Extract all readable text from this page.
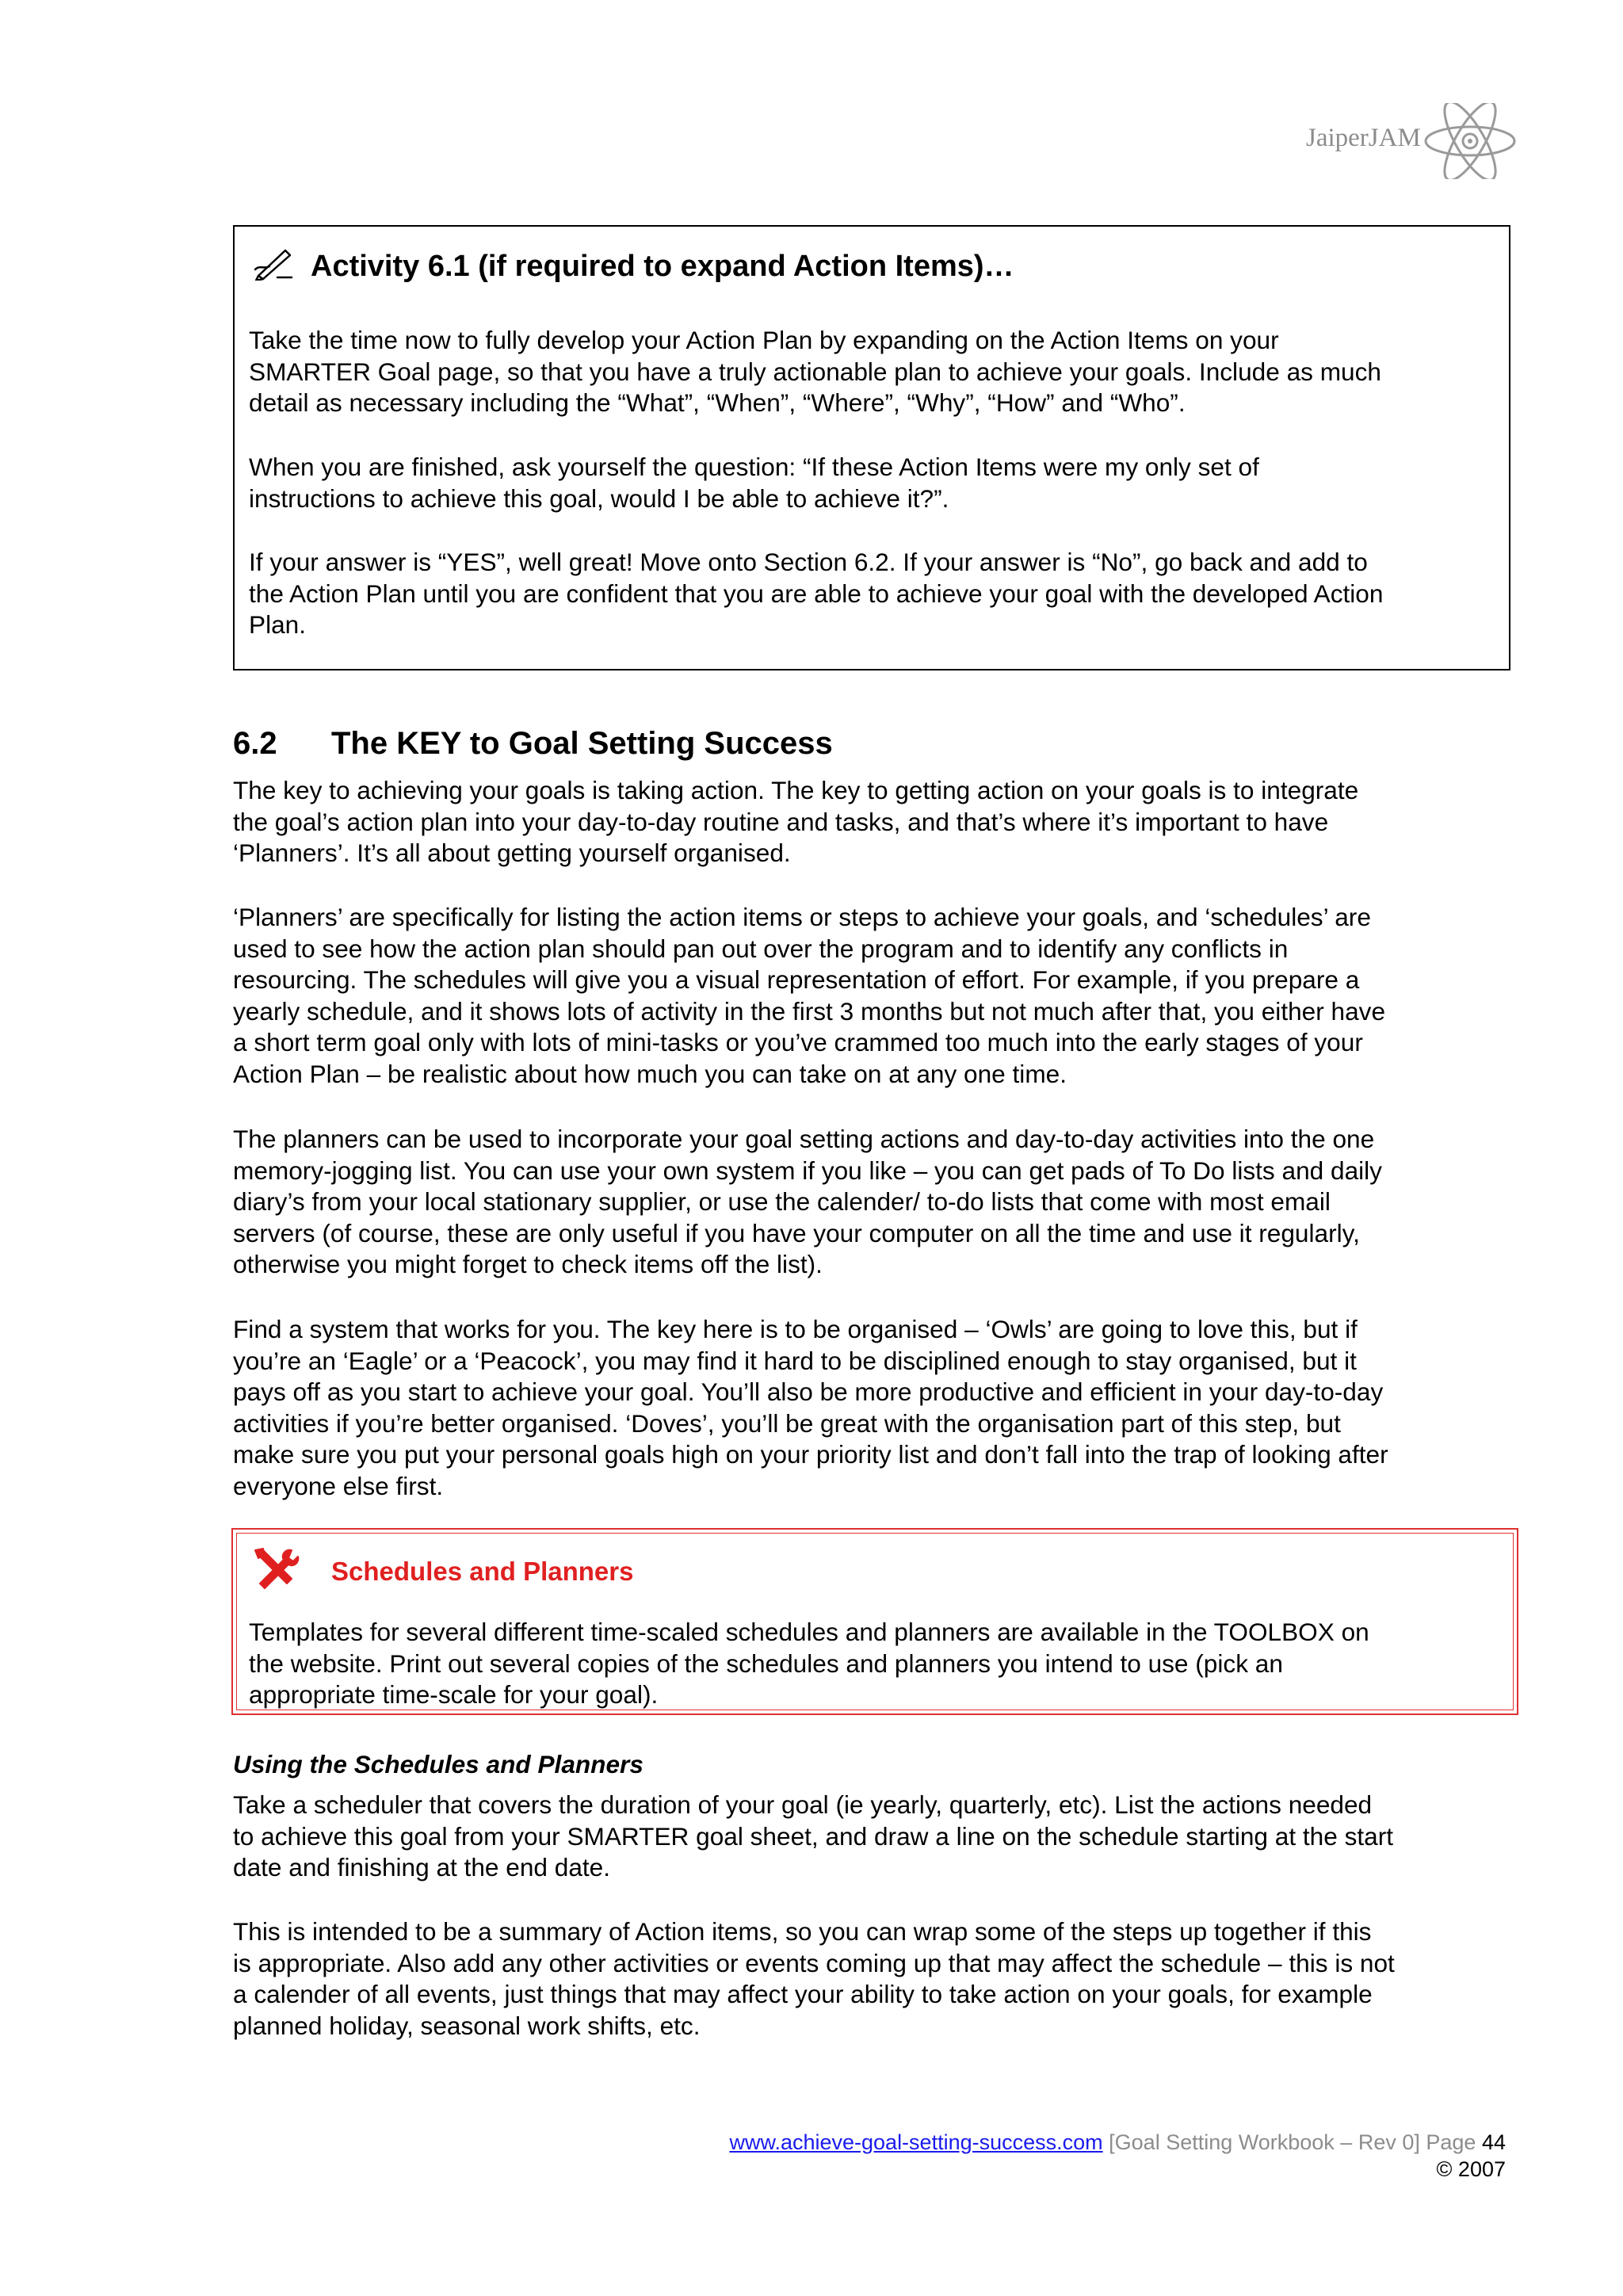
JaiperJAM
Activity 6.1 (if required to expand Action Items)…

Take the time now to fully develop your Action Plan by expanding on the Action Items on your
SMARTER Goal page, so that you have a truly actionable plan to achieve your goals. Include as much
detail as necessary including the “What”, “When”, “Where”, “Why”, “How” and “Who”.

When you are finished, ask yourself the question: “If these Action Items were my only set of
instructions to achieve this goal, would I be able to achieve it?”.

If your answer is “YES”, well great! Move onto Section 6.2. If your answer is “No”, go back and add to
the Action Plan until you are confident that you are able to achieve your goal with the developed Action
Plan.

6.2 The KEY to Goal Setting Success

The key to achieving your goals is taking action. The key to getting action on your goals is to integrate
the goal’s action plan into your day-to-day routine and tasks, and that’s where it’s important to have
‘Planners’. It’s all about getting yourself organised.

‘Planners’ are specifically for listing the action items or steps to achieve your goals, and ‘schedules’ are
used to see how the action plan should pan out over the program and to identify any conflicts in
resourcing. The schedules will give you a visual representation of effort. For example, if you prepare a
yearly schedule, and it shows lots of activity in the first 3 months but not much after that, you either have
a short term goal only with lots of mini-tasks or you’ve crammed too much into the early stages of your
Action Plan – be realistic about how much you can take on at any one time.

The planners can be used to incorporate your goal setting actions and day-to-day activities into the one
memory-jogging list. You can use your own system if you like – you can get pads of To Do lists and daily
diary’s from your local stationary supplier, or use the calender/ to-do lists that come with most email
servers (of course, these are only useful if you have your computer on all the time and use it regularly,
otherwise you might forget to check items off the list).

Find a system that works for you. The key here is to be organised – ‘Owls’ are going to love this, but if
you’re an ‘Eagle’ or a ‘Peacock’, you may find it hard to be disciplined enough to stay organised, but it
pays off as you start to achieve your goal. You’ll also be more productive and efficient in your day-to-day
activities if you’re better organised. ‘Doves’, you’ll be great with the organisation part of this step, but
make sure you put your personal goals high on your priority list and don’t fall into the trap of looking after
everyone else first.

Schedules and Planners

Templates for several different time-scaled schedules and planners are available in the TOOLBOX on
the website. Print out several copies of the schedules and planners you intend to use (pick an
appropriate time-scale for your goal).

Using the Schedules and Planners

Take a scheduler that covers the duration of your goal (ie yearly, quarterly, etc). List the actions needed
to achieve this goal from your SMARTER goal sheet, and draw a line on the schedule starting at the start
date and finishing at the end date.

This is intended to be a summary of Action items, so you can wrap some of the steps up together if this
is appropriate. Also add any other activities or events coming up that may affect the schedule – this is not
a calender of all events, just things that may affect your ability to take action on your goals, for example
planned holiday, seasonal work shifts, etc.

www.achieve-goal-setting-success.com [Goal Setting Workbook – Rev 0] Page 44
© 2007
